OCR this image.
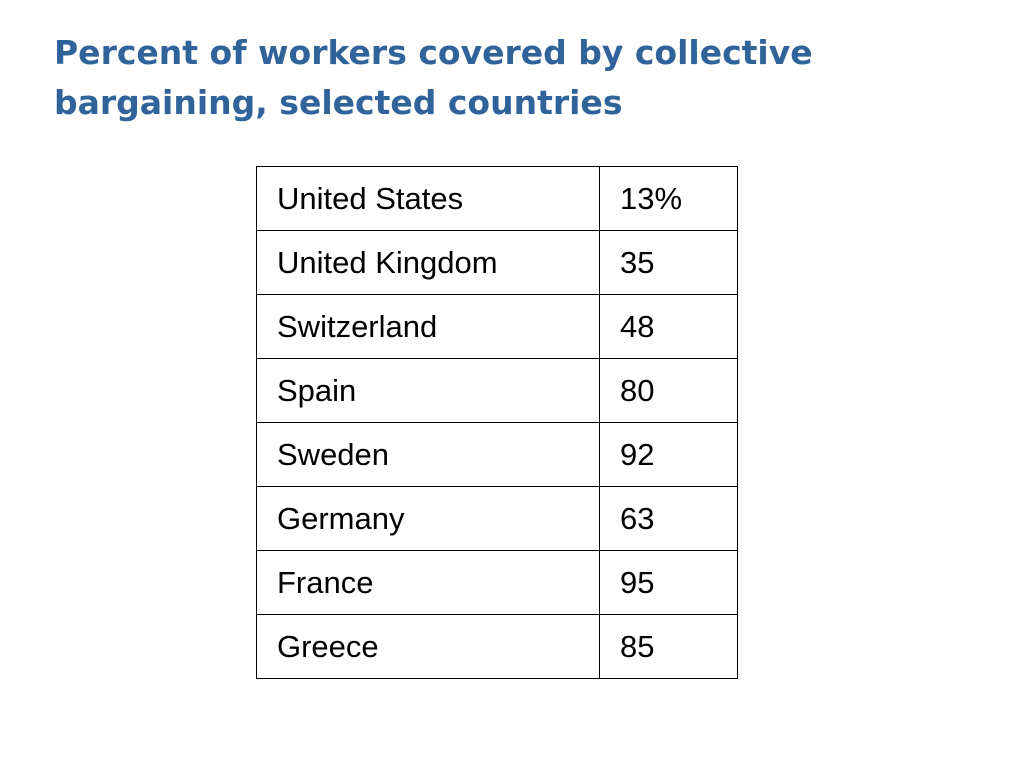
Percent of workers covered by collective
bargaining, selected countries
United States	13%
United Kingdom	35
Switzerland	48
Spain	80
Sweden	92
Germany	63
France	95
Greece	85
